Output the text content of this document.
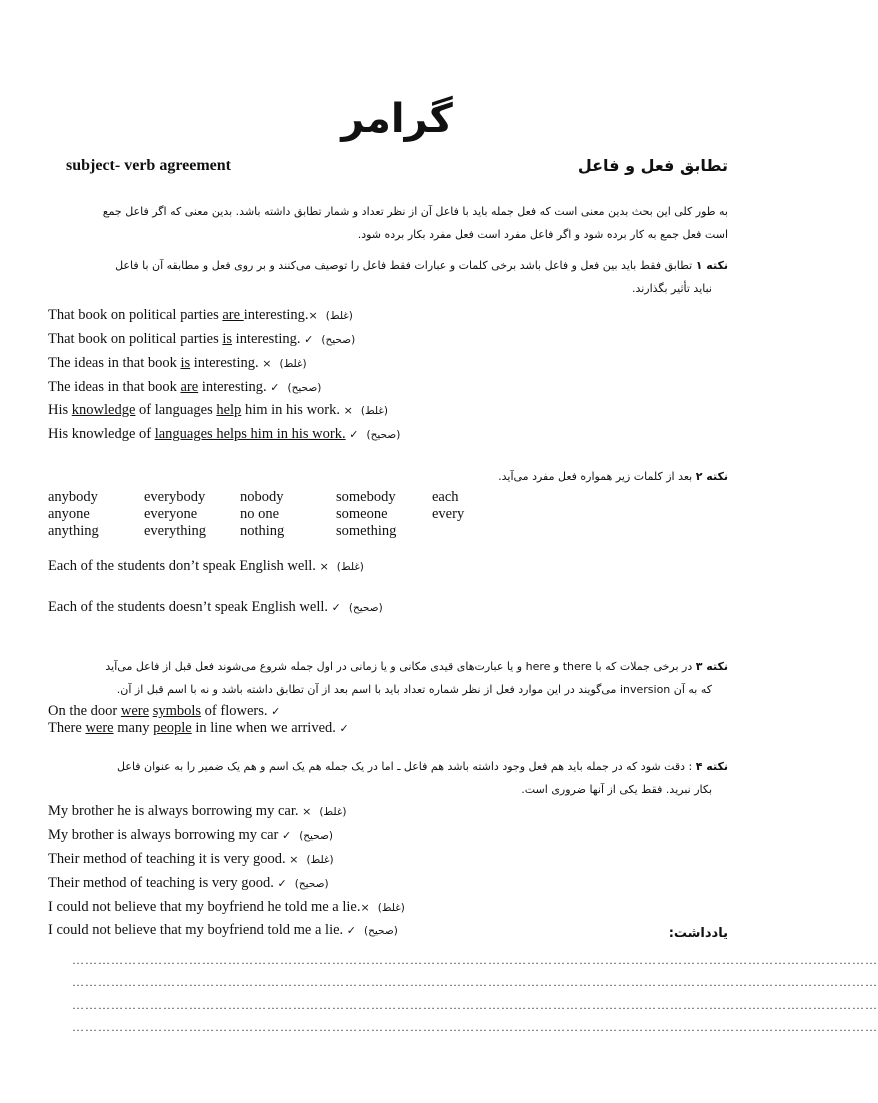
گرامر
subject- verb agreement	تطابق فعل و فاعل
به طور کلی این بحث بدین معنی است که فعل جمله باید با فاعل آن از نظر تعداد و شمار تطابق داشته باشد. بدین معنی که اگر فاعل جمع
است فعل جمع به کار برده شود و اگر فاعل مفرد است فعل مفرد بکار برده شود.
نکته ۱ تطابق فقط باید بین فعل و فاعل باشد برخی کلمات و عبارات فقط فاعل را توصیف می‌کنند و بر روی فعل و مطابقه آن با فاعل
نباید تأثیر بگذارند.
That book on political parties are interesting.× (غلط)
That book on political parties is interesting. ✓ (صحیح)
The ideas in that book is interesting. × (غلط)
The ideas in that book are interesting. ✓ (صحیح)
His knowledge of languages help him in his work. × (غلط)
His knowledge of languages helps him in his work. ✓ (صحیح)
نکته ۲ بعد از کلمات زیر همواره فعل مفرد می‌آید.
anybody
anyone
anything
everybody
everyone
everything
nobody
no one
nothing
somebody
someone
something
each
every
Each of the students don’t speak English well. × (غلط)
Each of the students doesn’t speak English well. ✓ (صحیح)
نکته ۳ در برخی جملات که با there و here و یا عبارت‌های قیدی مکانی و یا زمانی در اول جمله شروع می‌شوند فعل قبل از فاعل می‌آید
که به آن inversion می‌گویند در این موارد فعل از نظر شماره تعداد باید با اسم بعد از آن تطابق داشته باشد و نه با اسم قبل از آن.
On the door were symbols of flowers. ✓
There were many people in line when we arrived. ✓
نکته ۴ : دقت شود که در جمله باید هم فعل وجود داشته باشد هم فاعل ـ اما در یک جمله هم یک اسم و هم یک ضمیر را به عنوان فاعل
بکار نبرید. فقط یکی از آنها ضروری است.
My brother he is always borrowing my car. × (غلط)
My brother is always borrowing my car ✓ (صحیح)
Their method of teaching it is very good. × (غلط)
Their method of teaching is very good. ✓ (صحیح)
I could not believe that my boyfriend he told me a lie.× (غلط)
I could not believe that my boyfriend told me a lie. ✓ (صحیح)	یادداشت:
……………………………………………………………………………………………………………………………………………………………………
……………………………………………………………………………………………………………………………………………………………………
……………………………………………………………………………………………………………………………………………………………………
……………………………………………………………………………………………………………………………………………………………………
